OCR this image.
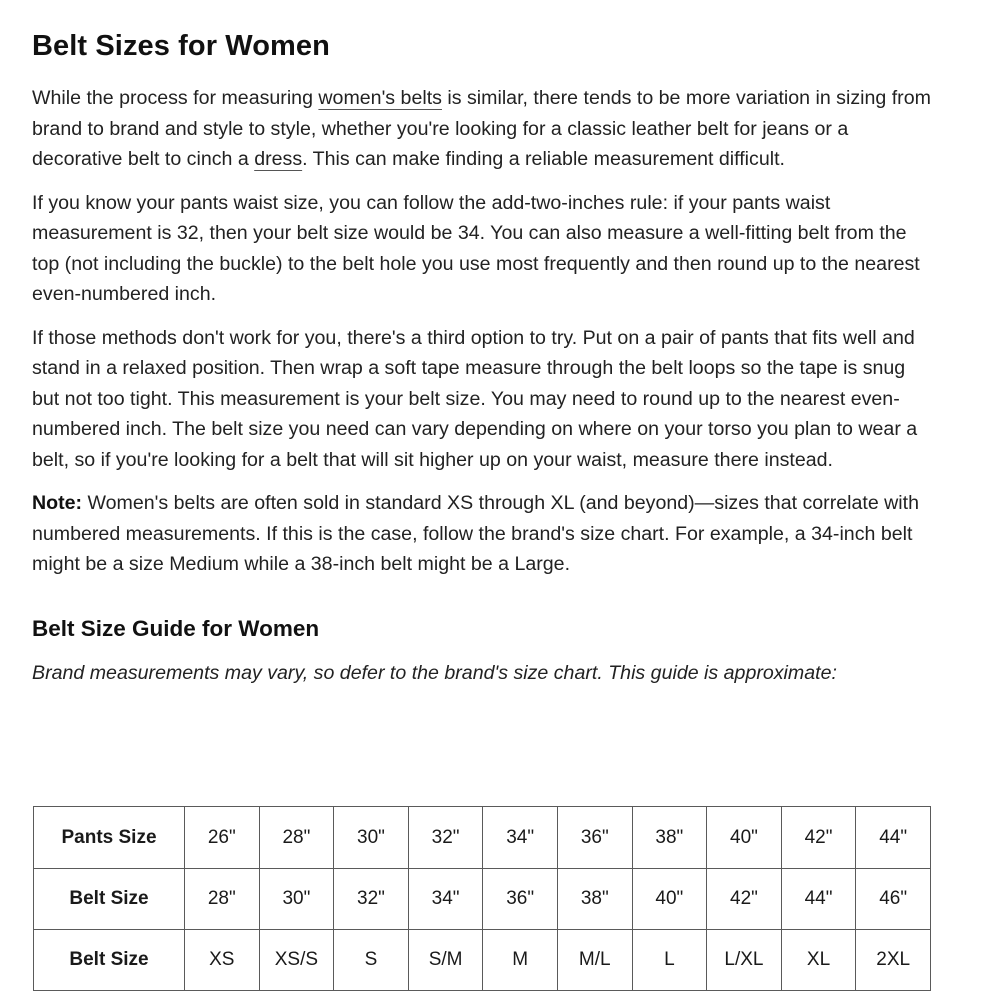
Belt Sizes for Women

While the process for measuring women's belts is similar, there tends to be more variation in sizing from brand to brand and style to style, whether you're looking for a classic leather belt for jeans or a decorative belt to cinch a dress. This can make finding a reliable measurement difficult.

If you know your pants waist size, you can follow the add-two-inches rule: if your pants waist measurement is 32, then your belt size would be 34. You can also measure a well-fitting belt from the top (not including the buckle) to the belt hole you use most frequently and then round up to the nearest even-numbered inch.

If those methods don't work for you, there's a third option to try. Put on a pair of pants that fits well and stand in a relaxed position. Then wrap a soft tape measure through the belt loops so the tape is snug but not too tight. This measurement is your belt size. You may need to round up to the nearest even-numbered inch. The belt size you need can vary depending on where on your torso you plan to wear a belt, so if you're looking for a belt that will sit higher up on your waist, measure there instead.

Note: Women's belts are often sold in standard XS through XL (and beyond)—sizes that correlate with numbered measurements. If this is the case, follow the brand's size chart. For example, a 34-inch belt might be a size Medium while a 38-inch belt might be a Large.

Belt Size Guide for Women

Brand measurements may vary, so defer to the brand's size chart. This guide is approximate:

Pants Size	26"	28"	30"	32"	34"	36"	38"	40"	42"	44"
Belt Size	28"	30"	32"	34"	36"	38"	40"	42"	44"	46"
Belt Size	XS	XS/S	S	S/M	M	M/L	L	L/XL	XL	2XL
